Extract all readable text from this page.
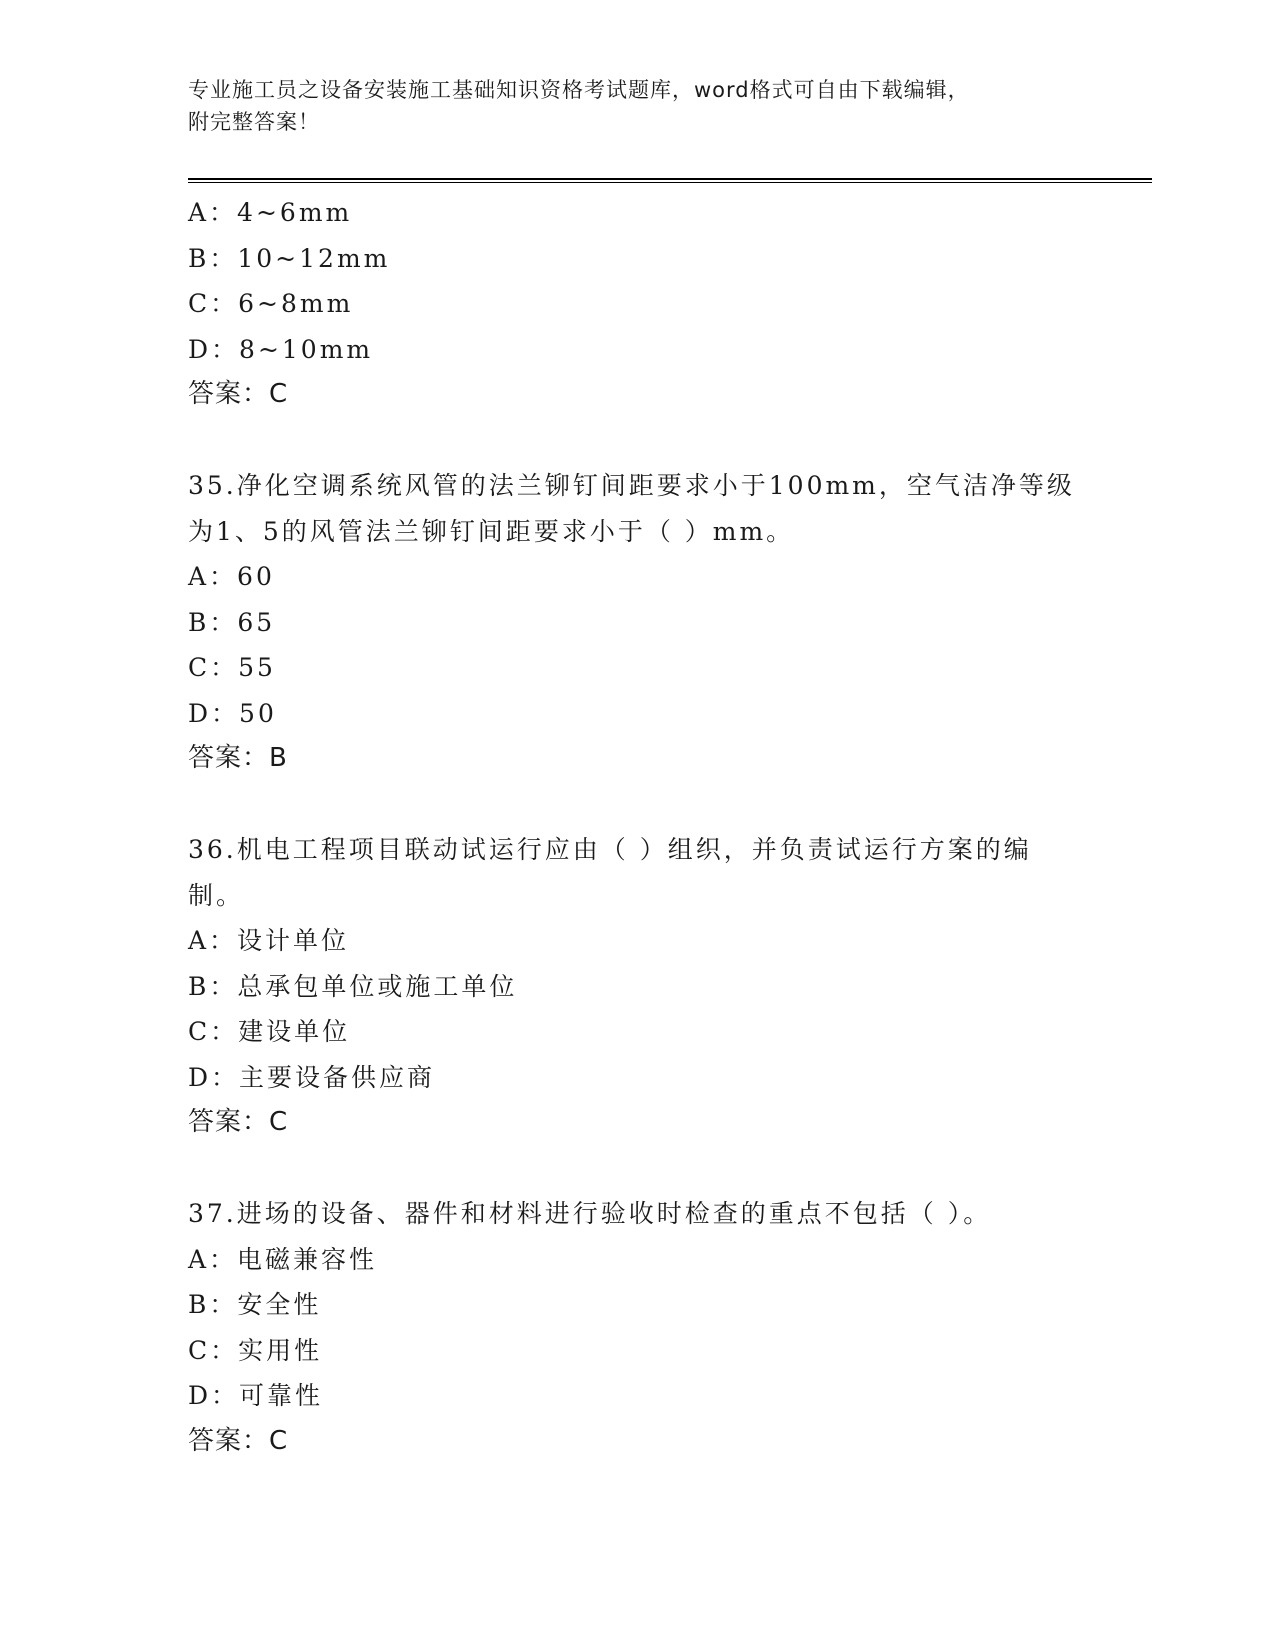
专业施工员之设备安装施工基础知识资格考试题库，word格式可自由下载编辑，
附完整答案！
A：4~6mm
B：10~12mm
C：6~8mm
D：8~10mm
答案：C
35.净化空调系统风管的法兰铆钉间距要求小于100mm，空气洁净等级
为1、5的风管法兰铆钉间距要求小于（ ）mm。
A：60
B：65
C：55
D：50
答案：B
36.机电工程项目联动试运行应由（ ）组织，并负责试运行方案的编
制。
A：设计单位
B：总承包单位或施工单位
C：建设单位
D：主要设备供应商
答案：C
37.进场的设备、器件和材料进行验收时检查的重点不包括（ ）。
A：电磁兼容性
B：安全性
C：实用性
D：可靠性
答案：C
